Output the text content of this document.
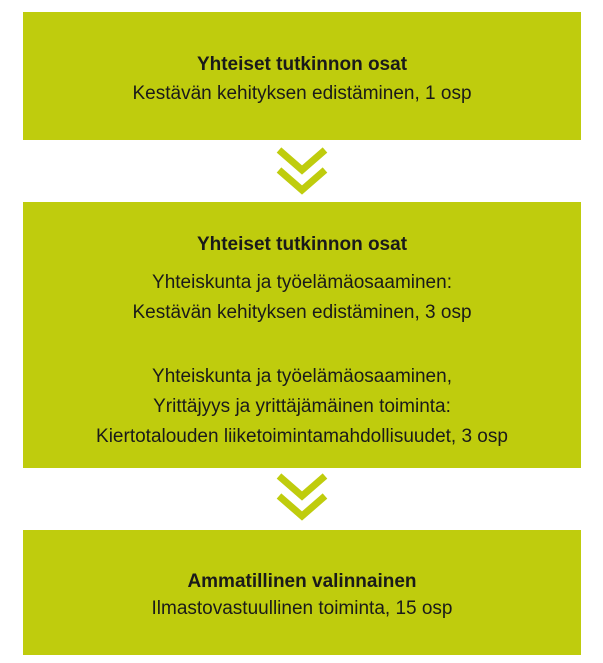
Yhteiset tutkinnon osat
Kestävän kehityksen edistäminen, 1 osp
Yhteiset tutkinnon osat
Yhteiskunta ja työelämäosaaminen:
Kestävän kehityksen edistäminen, 3 osp
Yhteiskunta ja työelämäosaaminen,
Yrittäjyys ja yrittäjämäinen toiminta:
Kiertotalouden liiketoimintamahdollisuudet, 3 osp
Ammatillinen valinnainen
Ilmastovastuullinen toiminta, 15 osp
